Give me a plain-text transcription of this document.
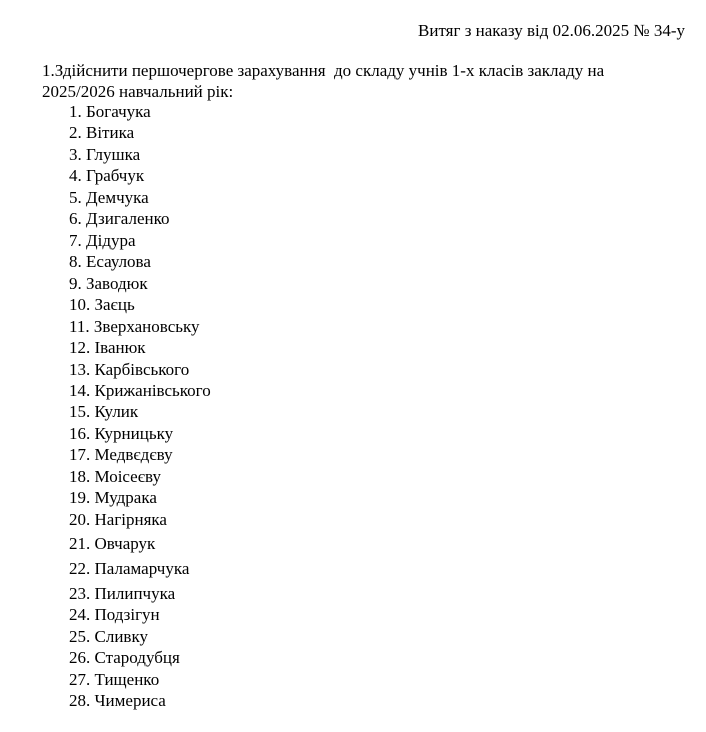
Витяг з наказу від 02.06.2025 № 34-у
1.Здійснити першочергове зарахування  до складу учнів 1-х класів закладу на
2025/2026 навчальний рік:
1. Богачука
2. Вітика
3. Глушка
4. Грабчук
5. Демчука
6. Дзигаленко
7. Дідура
8. Есаулова
9. Заводюк
10. Заєць
11. Зверхановську
12. Іванюк
13. Карбівського
14. Крижанівського
15. Кулик
16. Курницьку
17. Медвєдєву
18. Моісеєву
19. Мудрака
20. Нагірняка
21. Овчарук
22. Паламарчука
23. Пилипчука
24. Подзігун
25. Сливку
26. Стародубця
27. Тищенко
28. Чимериса
